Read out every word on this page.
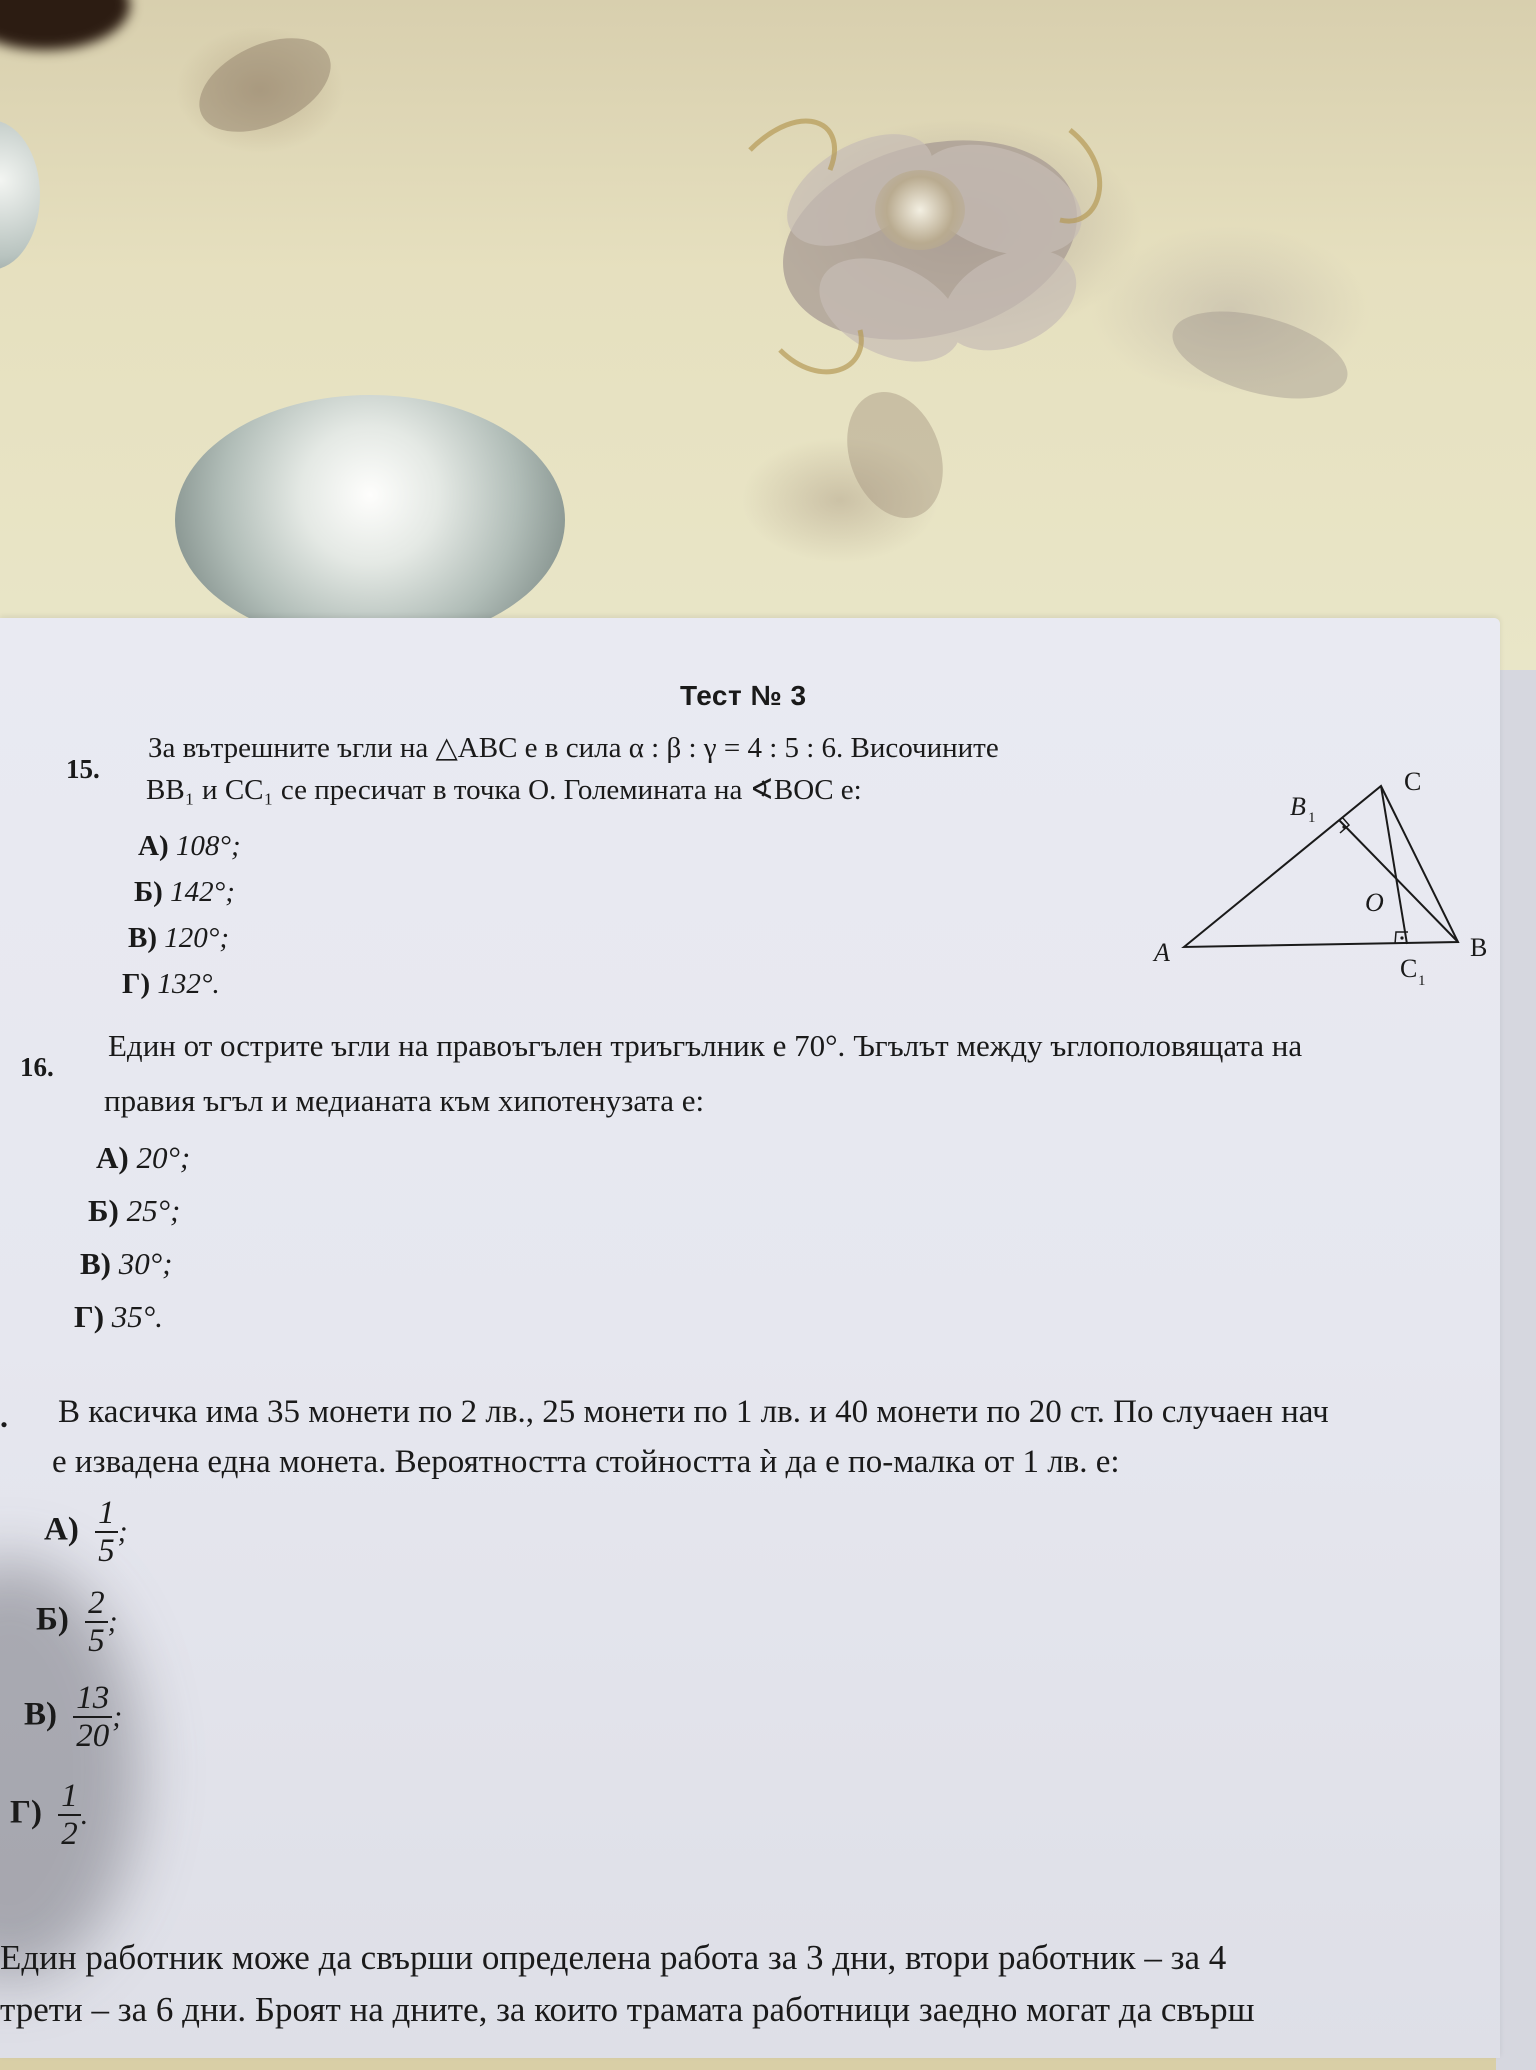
Тест № 3
15.
За вътрешните ъгли на △ABC е в сила α : β : γ = 4 : 5 : 6. Височините
BB₁ и CC₁ се пресичат в точка O. Големината на ∢BOC е:
А) 108°;
Б) 142°;
В) 120°;
Г) 132°.
A	B
C
B 1
O
C 1
16.
Един от острите ъгли на правоъгълен триъгълник е 70°. Ъгълът между ъглополовящата на
правия ъгъл и медианата към хипотенузата е:
А) 20°;
Б) 25°;
В) 30°;
Г) 35°.
. В касичка има 35 монети по 2 лв., 25 монети по 1 лв. и 40 монети по 20 ст. По случаен нач
е извадена една монета. Вероятността стойността ѝ да е по-малка от 1 лв. е:
$А) \frac{1}{5}$ ;
$Б) \frac{2}{5}$ ;
$В) \frac{13}{20}$ ;
$Г) \frac{1}{2}$ .
Един работник може да свърши определена работа за 3 дни, втори работник – за 4
трети – за 6 дни. Броят на дните, за които трамата работници заедно могат да свърш
